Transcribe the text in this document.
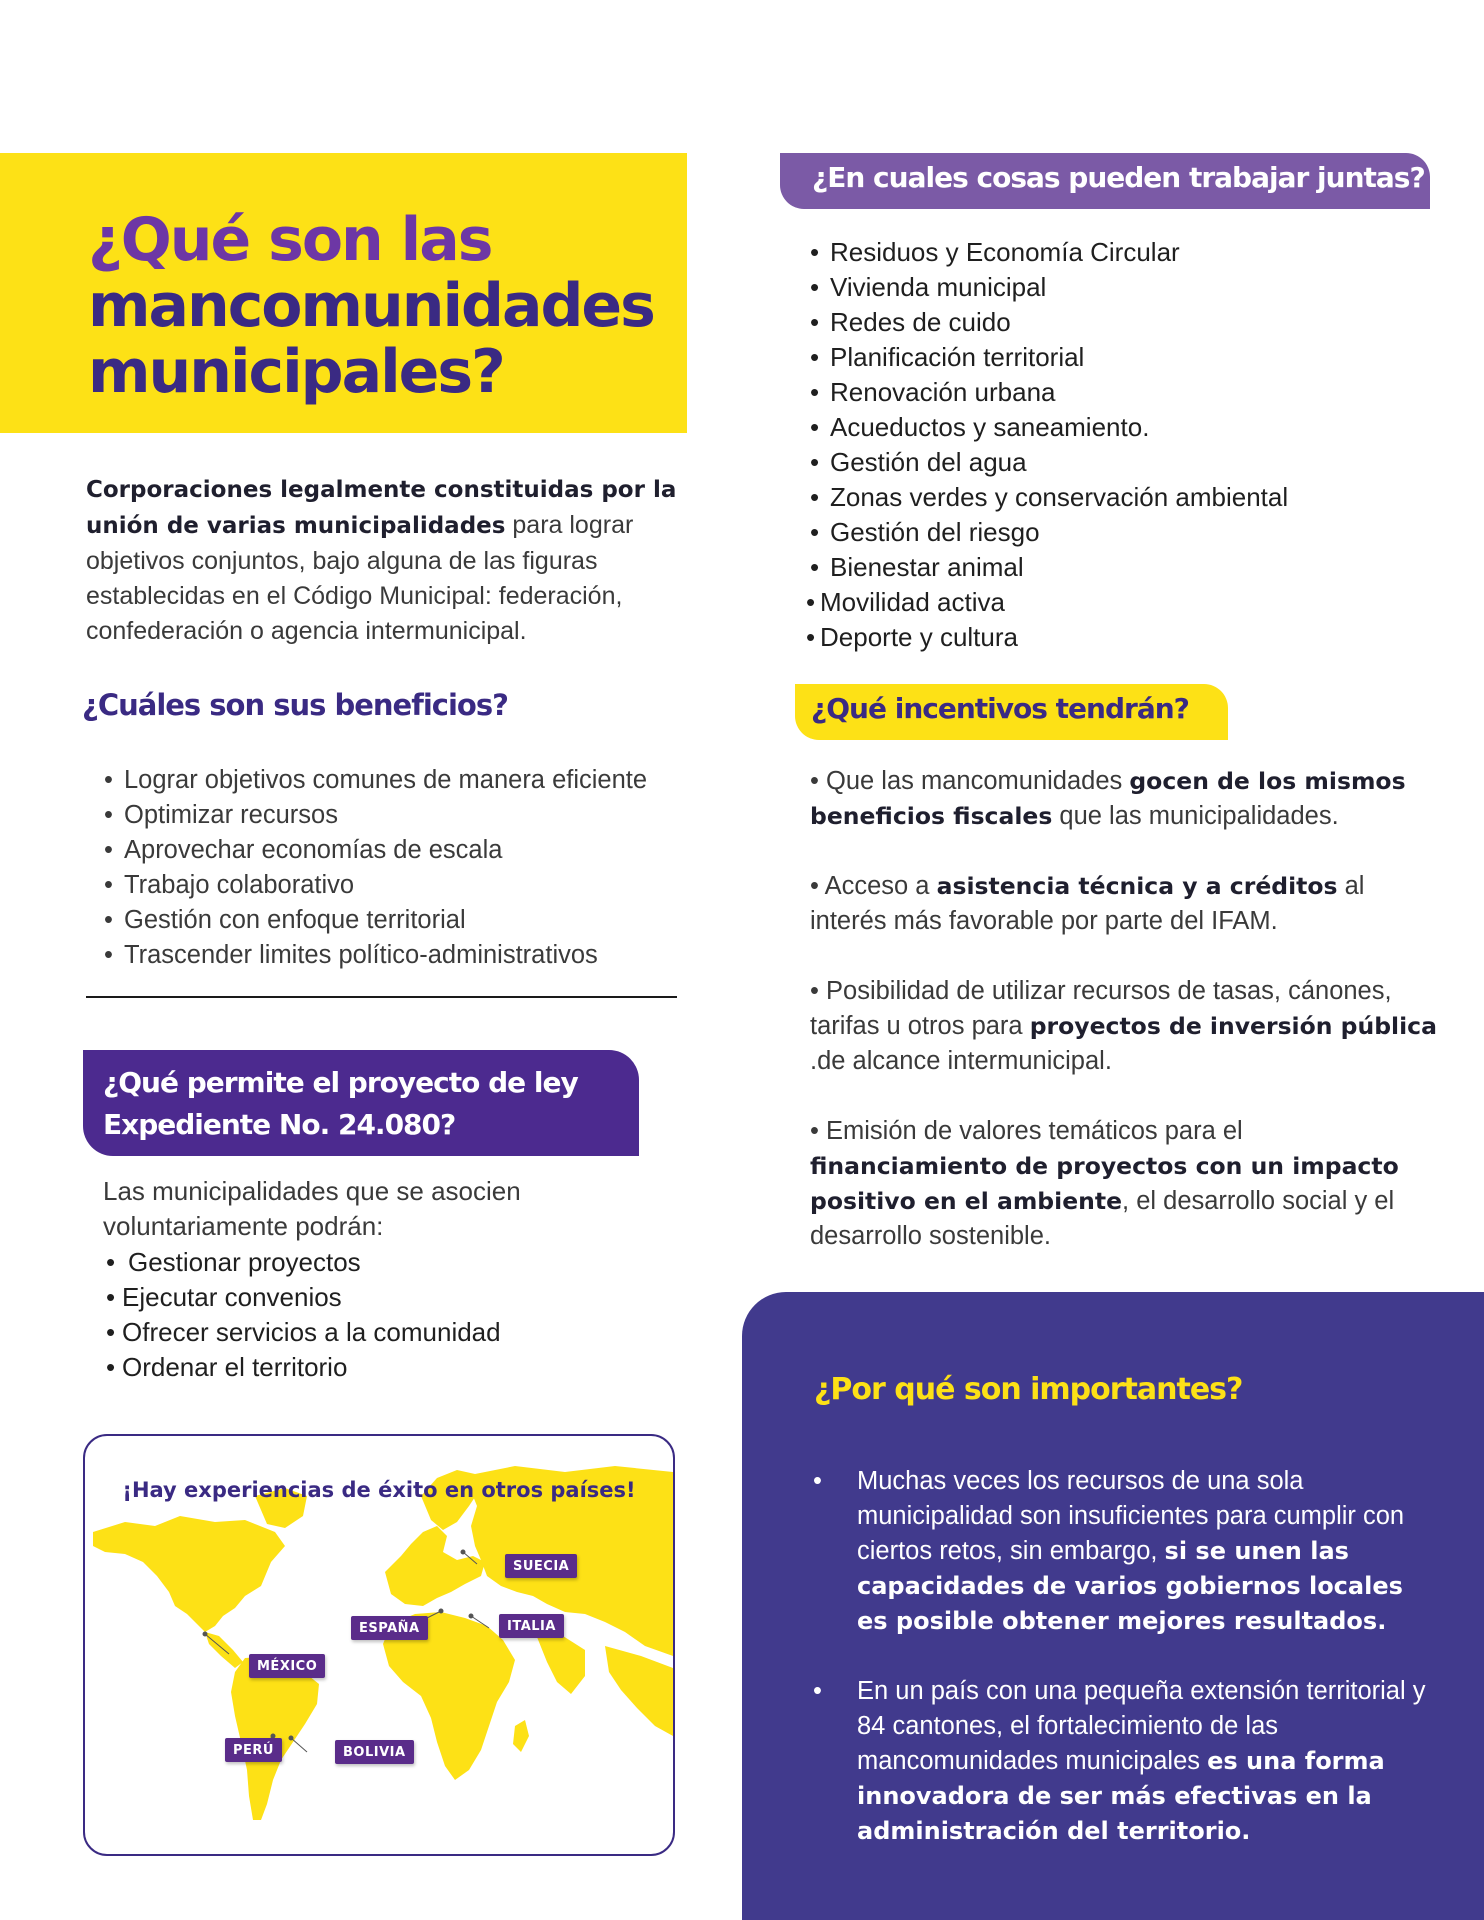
¿Qué son las
mancomunidades
municipales?

Corporaciones legalmente constituidas por la unión de varias municipalidades para lograr objetivos conjuntos, bajo alguna de las figuras establecidas en el Código Municipal: federación, confederación o agencia intermunicipal.

¿Cuáles son sus beneficios?
• Lograr objetivos comunes de manera eficiente
• Optimizar recursos
• Aprovechar economías de escala
• Trabajo colaborativo
• Gestión con enfoque territorial
• Trascender limites político-administrativos
¿Qué permite el proyecto de ley
Expediente No. 24.080?
Las municipalidades que se asocien
voluntariamente podrán:
• Gestionar proyectos
• Ejecutar convenios
• Ofrecer servicios a la comunidad
• Ordenar el territorio
¡Hay experiencias de éxito en otros países!
SUECIA
ESPAÑA	ITALIA
MÉXICO
PERÚ	BOLIVIA
¿En cuales cosas pueden trabajar juntas?
• Residuos y Economía Circular
• Vivienda municipal
• Redes de cuido
• Planificación territorial
• Renovación urbana
• Acueductos y saneamiento.
• Gestión del agua
• Zonas verdes y conservación ambiental
• Gestión del riesgo
• Bienestar animal
• Movilidad activa
• Deporte y cultura
¿Qué incentivos tendrán?

• Que las mancomunidades gocen de los mismos beneficios fiscales que las municipalidades.

• Acceso a asistencia técnica y a créditos al interés más favorable por parte del IFAM.

• Posibilidad de utilizar recursos de tasas, cánones, tarifas u otros para proyectos de inversión pública .de alcance intermunicipal.

• Emisión de valores temáticos para el financiamiento de proyectos con un impacto positivo en el ambiente, el desarrollo social y el desarrollo sostenible.

¿Por qué son importantes?
• Muchas veces los recursos de una sola municipalidad son insuficientes para cumplir con ciertos retos, sin embargo, si se unen las capacidades de varios gobiernos locales es posible obtener mejores resultados.
• En un país con una pequeña extensión territorial y 84 cantones, el fortalecimiento de las mancomunidades municipales es una forma innovadora de ser más efectivas en la administración del territorio.
